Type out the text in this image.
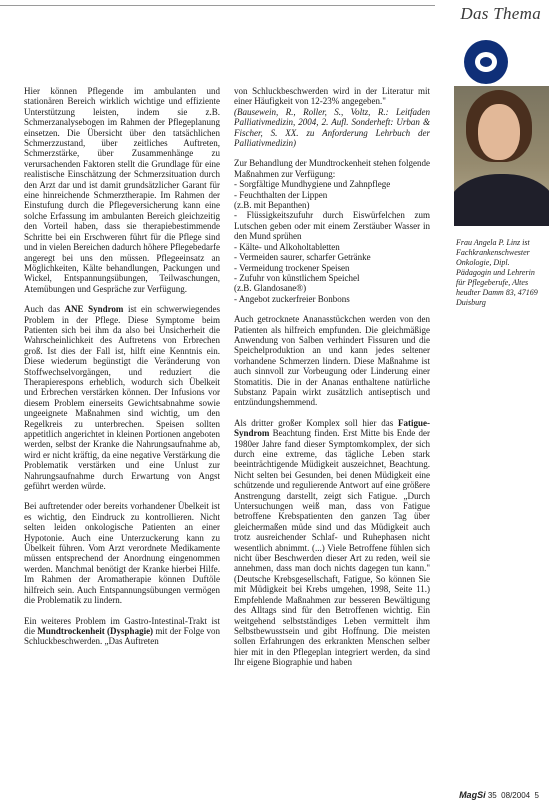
Das Thema

Hier können Pflegende im ambulanten und stationären Bereich wirklich wichtige und effiziente Unterstützung leisten, indem sie z.B. Schmerzanalysebogen im Rahmen der Pflegeplanung einsetzen. Die Übersicht über den tatsächlichen Schmerzzustand, über zeitliches Auftreten, Schmerzstärke, über Zusammenhänge zu verursachenden Faktoren stellt die Grundlage für eine realistische Einschätzung der Schmerzsituation durch den Arzt dar und ist damit grundsätzlicher Garant für eine hinreichende Schmerztherapie. Im Rahmen der Einstufung durch die Pflegeversicherung kann eine solche Erfassung im ambulanten Bereich gleichzeitig den Vorteil haben, dass sie therapiebestimmende Schritte bei ein Erschweren führt für die Pflege sind und in vielen Bereichen dadurch höhere Pflegebedarfe angeregt bei uns den müssen. Pflegeeinsatz an Möglichkeiten, Kälte behandlungen, Packungen und Wickel, Entspannungsübungen, Teilwaschungen, Atemübungen und Gespräche zur Verfügung.

Auch das ANE Syndrom ist ein schwerwiegendes Problem in der Pflege. Diese Symptome beim Patienten sich bei ihm da also bei Unsicherheit die Wahrscheinlichkeit des Auftretens von Erbrechen groß. Ist dies der Fall ist, hilft eine Kenntnis ein. Diese wiederum begünstigt die Veränderung von Stoffwechselvorgängen, und reduziert die Therapierespons erheblich, wodurch sich Übelkeit und Erbrechen verstärken können. Der Infusions vor diesem Problem einerseits Gewichtsabnahme sowie ungeeignete Maßnahmen sind wichtig, um den Regelkreis zu unterbrechen. Speisen sollten appetitlich angerichtet in kleinen Portionen angeboten werden, selbst der Kranke die Nahrungsaufnahme ab, wird er nicht kräftig, da eine negative Verstärkung die Problematik verstärken und eine Unlust zur Nahrungsaufnahme durch Erwartung von Angst geführt werden würde.

Bei auftretender oder bereits vorhandener Übelkeit ist es wichtig, den Eindruck zu kontrollieren. Nicht selten leiden onkologische Patienten an einer Hypotonie. Auch eine Unterzuckerung kann zu Übelkeit führen. Vom Arzt verordnete Medikamente müssen entsprechend der Anordnung eingenommen werden. Manchmal benötigt der Kranke hierbei Hilfe. Im Rahmen der Aromatherapie können Duftöle hilfreich sein. Auch Entspannungsübungen vermögen die Problematik zu lindern.

Ein weiteres Problem im Gastro-Intestinal-Trakt ist die Mundtrockenheit (Dysphagie) mit der Folge von Schluckbeschwerden. „Das Auftreten

von Schluckbeschwerden wird in der Literatur mit einer Häufigkeit von 12-23% angegeben."

(Bausewein, R., Roller, S., Voltz, R.: Leitfaden Palliativmedizin, 2004, 2. Aufl. Sonderheft: Urban & Fischer, S. XX. zu Anforderung Lehrbuch der Palliativmedizin)

Zur Behandlung der Mundtrockenheit stehen folgende Maßnahmen zur Verfügung:

- Sorgfältige Mundhygiene und Zahnpflege
- Feuchthalten der Lippen
(z.B. mit Bepanthen)
- Flüssigkeitszufuhr durch Eiswürfelchen zum Lutschen geben oder mit einem Zerstäuber Wasser in den Mund sprühen
- Kälte- und Alkoholtabletten
- Vermeiden saurer, scharfer Getränke
- Vermeidung trockener Speisen
- Zufuhr von künstlichem Speichel
(z.B. Glandosane®)
- Angebot zuckerfreier Bonbons

Auch getrocknete Ananasstückchen werden von den Patienten als hilfreich empfunden. Die gleichmäßige Anwendung von Salben verhindert Fissuren und die Speichelproduktion an und kann jedes seltener vorhandene Schmerzen lindern. Diese Maßnahme ist auch sinnvoll zur Vorbeugung oder Linderung einer Stomatitis. Die in der Ananas enthaltene natürliche Substanz Papain wirkt zusätzlich antiseptisch und entzündungshemmend.

Als dritter großer Komplex soll hier das Fatigue-Syndrom Beachtung finden. Erst Mitte bis Ende der 1980er Jahre fand dieser Symptomkomplex, der sich durch eine extreme, das tägliche Leben stark beeinträchtigende Müdigkeit auszeichnet, Beachtung. Nicht selten bei Gesunden, bei denen Müdigkeit eine schützende und regulierende Antwort auf eine größere Anstrengung darstellt, zeigt sich Fatigue. „Durch Untersuchungen weiß man, dass von Fatigue betroffene Krebspatienten den ganzen Tag über gleichermaßen müde sind und das Müdigkeit auch trotz ausreichender Schlaf- und Ruhephasen nicht wesentlich abnimmt. (...) Viele Betroffene fühlen sich nicht über Beschwerden dieser Art zu reden, weil sie annehmen, dass man doch nichts dagegen tun kann." (Deutsche Krebsgesellschaft, Fatigue, So können Sie mit Müdigkeit bei Krebs umgehen, 1998, Seite 11.) Empfehlende Maßnahmen zur besseren Bewältigung des Alltags sind für den Betroffenen wichtig. Ein weitgehend selbstständiges Leben vermittelt ihm Selbstbewusstsein und gibt Hoffnung. Die meisten sollen Erfahrungen des erkrankten Menschen selber hier mit in den Pflegeplan integriert werden, da sind Ihr eigene Biographie und haben

Frau Angela P. Linz ist Fachkrankenschwester Onkologie, Dipl. Pädagogin und Lehrerin für Pflegeberufe, Altes heudter Damm 83, 47169 Duisburg
MagSi 35 08/2004 5
